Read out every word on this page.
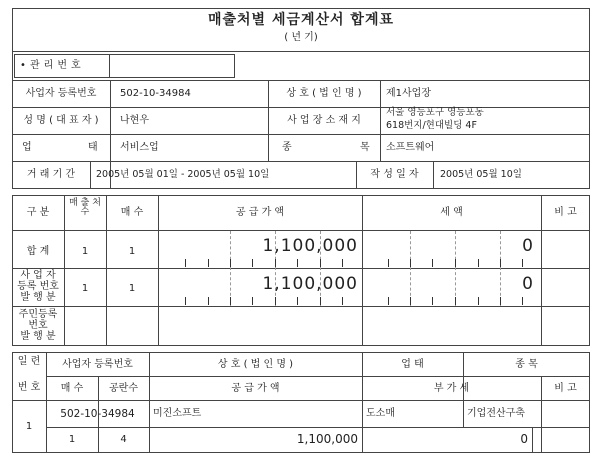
매출처별 세금계산서 합계표
( 년 기)
• 관리번호
사업자 등록번호	502-10-34984	상 호 ( 법 인 명 )	제1사업장
성 명 ( 대 표 자 )	나현우	사 업 장 소 재 지
서울 영등포구 영등포동
618번지/현대빌딩 4F
업	태 서비스업	종	목 소프트웨어
거 래 기 간	2005년 05월 01일 - 2005년 05월 10일	작 성 일 자	2005년 05월 10일
구 분
매 출 처 수	매 수	공 급 가 액	세 액	비 고
합 계	1	1	1,100,000	0
사 업 자
등록 번호
발 행 분
1	1	1,100,000	0
주민등록
번호
발 행 분
일 련
번 호
사업자 등록번호	상 호 ( 법 인 명 )	업 태	종 목
매 수	공란수	공 급 가 액	부 가 세	비 고
1
502-10-34984	미진소프트	도소매	기업전산구축
1	4	1,100,000	0
